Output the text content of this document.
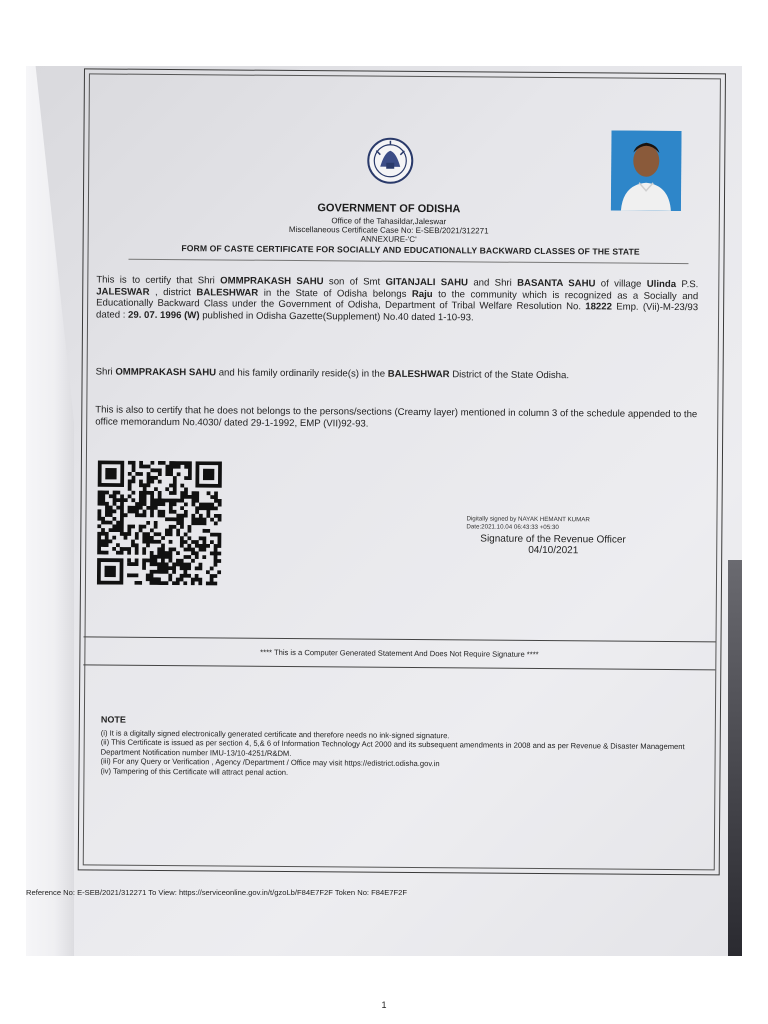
GOVERNMENT OF ODISHA
Office of the Tahasildar,Jaleswar
Miscellaneous Certificate Case No: E-SEB/2021/312271
ANNEXURE-'C'
FORM OF CASTE CERTIFICATE FOR SOCIALLY AND EDUCATIONALLY BACKWARD CLASSES OF THE STATE
This is to certify that Shri OMMPRAKASH SAHU son of Smt GITANJALI SAHU and Shri BASANTA SAHU of village Ulinda P.S. JALESWAR , district BALESHWAR in the State of Odisha belongs Raju to the community which is recognized as a Socially and Educationally Backward Class under the Government of Odisha, Department of Tribal Welfare Resolution No. 18222 Emp. (Vii)-M-23/93 dated : 29. 07. 1996 (W) published in Odisha Gazette(Supplement) No.40 dated 1-10-93.
Shri OMMPRAKASH SAHU and his family ordinarily reside(s) in the BALESHWAR District of the State Odisha.
This is also to certify that he does not belongs to the persons/sections (Creamy layer) mentioned in column 3 of the schedule appended to the office memorandum No.4030/ dated 29-1-1992, EMP (VII)92-93.
Digitally signed by NAYAK HEMANT KUMAR
Date:2021.10.04 06:43:33 +05:30
Signature of the Revenue Officer
04/10/2021
**** This is a Computer Generated Statement And Does Not Require Signature ****
NOTE
(i) It is a digitally signed electronically generated certificate and therefore needs no ink-signed signature.
(ii) This Certificate is issued as per section 4, 5,& 6 of Information Technology Act 2000 and its subsequent amendments in 2008 and as per Revenue & Disaster Management Department Notification number IMU-13/10-4251/R&DM.
(iii) For any Query or Verification , Agency /Department / Office may visit https://edistrict.odisha.gov.in
(iv) Tampering of this Certificate will attract penal action.
Reference No: E-SEB/2021/312271 To View: https://serviceonline.gov.in/t/gzoLb/F84E7F2F Token No: F84E7F2F
1
